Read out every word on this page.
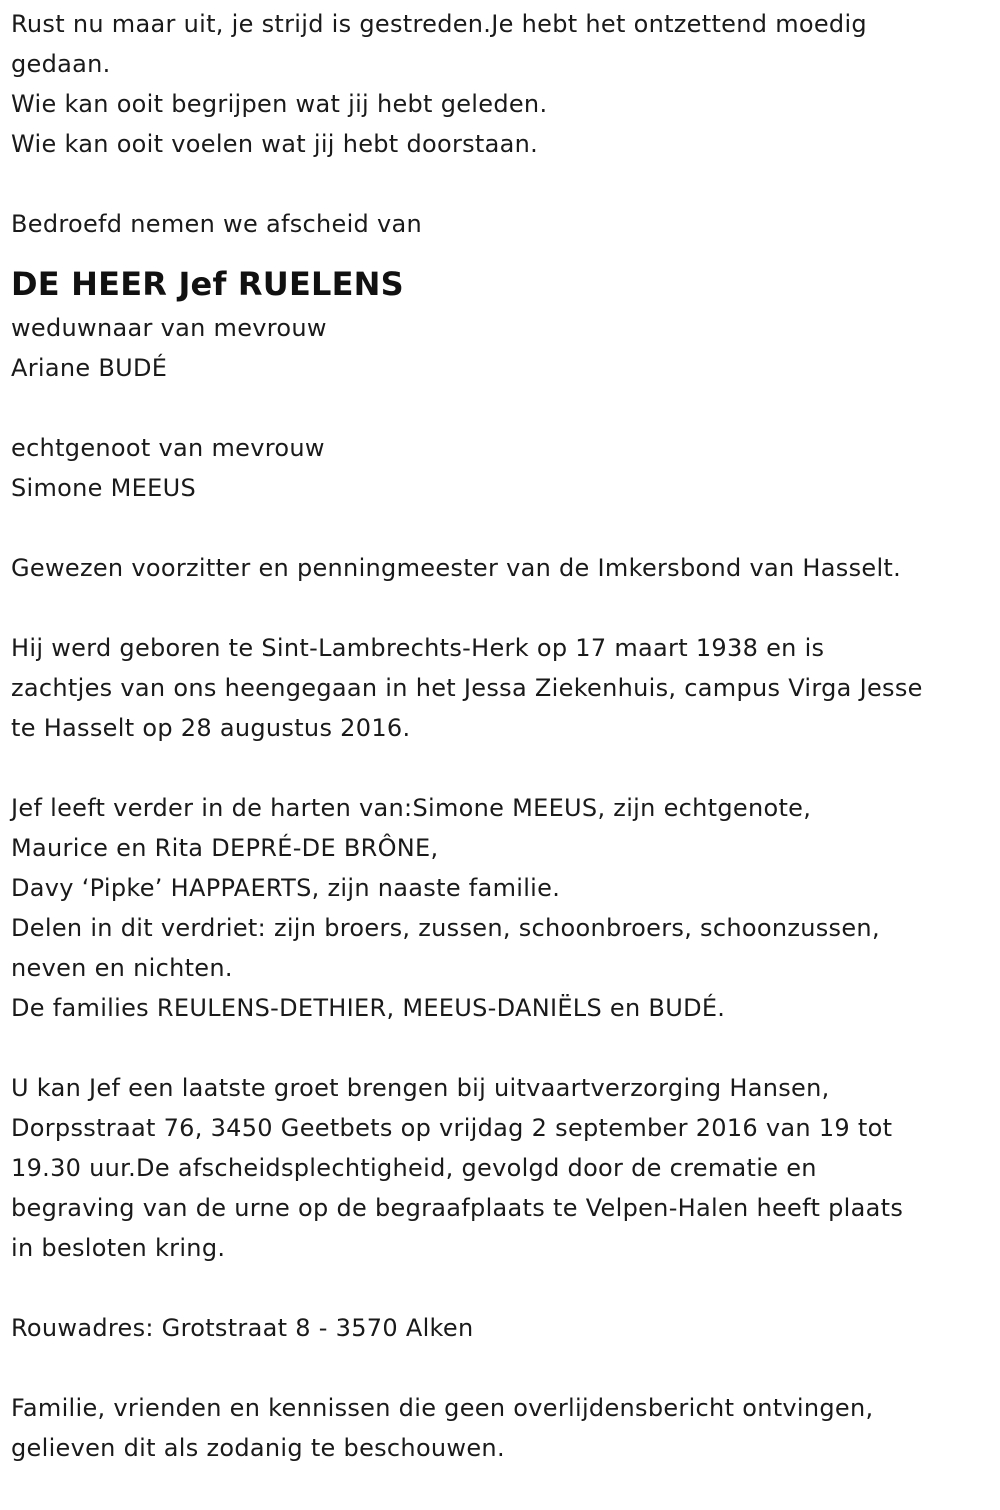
Rust nu maar uit, je strijd is gestreden.Je hebt het ontzettend moedig
gedaan.
Wie kan ooit begrijpen wat jij hebt geleden.
Wie kan ooit voelen wat jij hebt doorstaan.
Bedroefd nemen we afscheid van
DE HEER Jef RUELENS
weduwnaar van mevrouw
Ariane BUDÉ
echtgenoot van mevrouw
Simone MEEUS
Gewezen voorzitter en penningmeester van de Imkersbond van Hasselt.
Hij werd geboren te Sint-Lambrechts-Herk op 17 maart 1938 en is
zachtjes van ons heengegaan in het Jessa Ziekenhuis, campus Virga Jesse
te Hasselt op 28 augustus 2016.
Jef leeft verder in de harten van:Simone MEEUS, zijn echtgenote,
Maurice en Rita DEPRÉ-DE BRÔNE,
Davy ‘Pipke’ HAPPAERTS, zijn naaste familie.
Delen in dit verdriet: zijn broers, zussen, schoonbroers, schoonzussen,
neven en nichten.
De families REULENS-DETHIER, MEEUS-DANIËLS en BUDÉ.
U kan Jef een laatste groet brengen bij uitvaartverzorging Hansen,
Dorpsstraat 76, 3450 Geetbets op vrijdag 2 september 2016 van 19 tot
19.30 uur.De afscheidsplechtigheid, gevolgd door de crematie en
begraving van de urne op de begraafplaats te Velpen-Halen heeft plaats
in besloten kring.
Rouwadres: Grotstraat 8 - 3570 Alken
Familie, vrienden en kennissen die geen overlijdensbericht ontvingen,
gelieven dit als zodanig te beschouwen.
